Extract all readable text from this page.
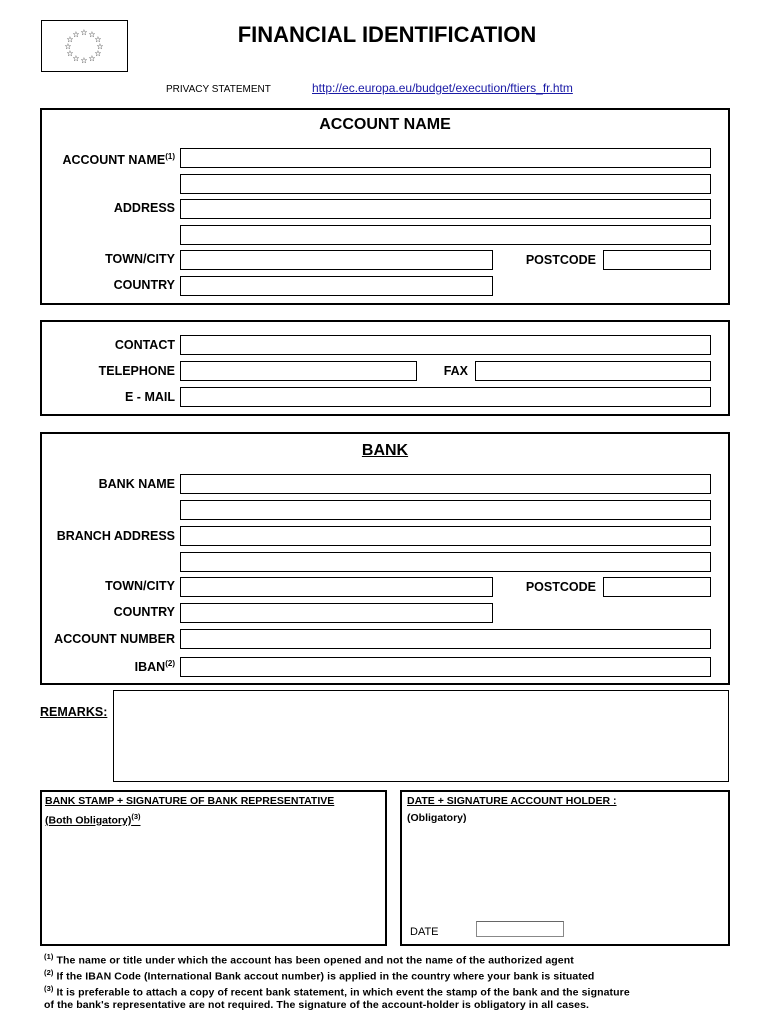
☆ ☆
☆
☆
☆
☆
☆
☆
☆
☆
☆
☆	FINANCIAL IDENTIFICATION
PRIVACY STATEMENT	http://ec.europa.eu/budget/execution/ftiers_fr.htm
ACCOUNT NAME
ACCOUNT NAME$^{(1)}$
ADDRESS
TOWN/CITY	POSTCODE
COUNTRY
CONTACT
TELEPHONE	FAX
E - MAIL
BANK
BANK NAME
BRANCH ADDRESS
TOWN/CITY	POSTCODE
COUNTRY
ACCOUNT NUMBER
IBAN$^{(2)}$
REMARKS:
BANK STAMP + SIGNATURE OF BANK REPRESENTATIVE
(Both Obligatory)$^{(3)}$
DATE + SIGNATURE ACCOUNT HOLDER :
(Obligatory)
DATE
$^{(1)}$ The name or title under which the account has been opened and not the name of the authorized agent
$^{(2)}$ If the IBAN Code (International Bank accout number) is applied in the country where your bank is situated
$^{(3)}$ It is preferable to attach a copy of recent bank statement, in which event the stamp of the bank and the signature
of the bank's representative are not required. The signature of the account-holder is obligatory in all cases.
